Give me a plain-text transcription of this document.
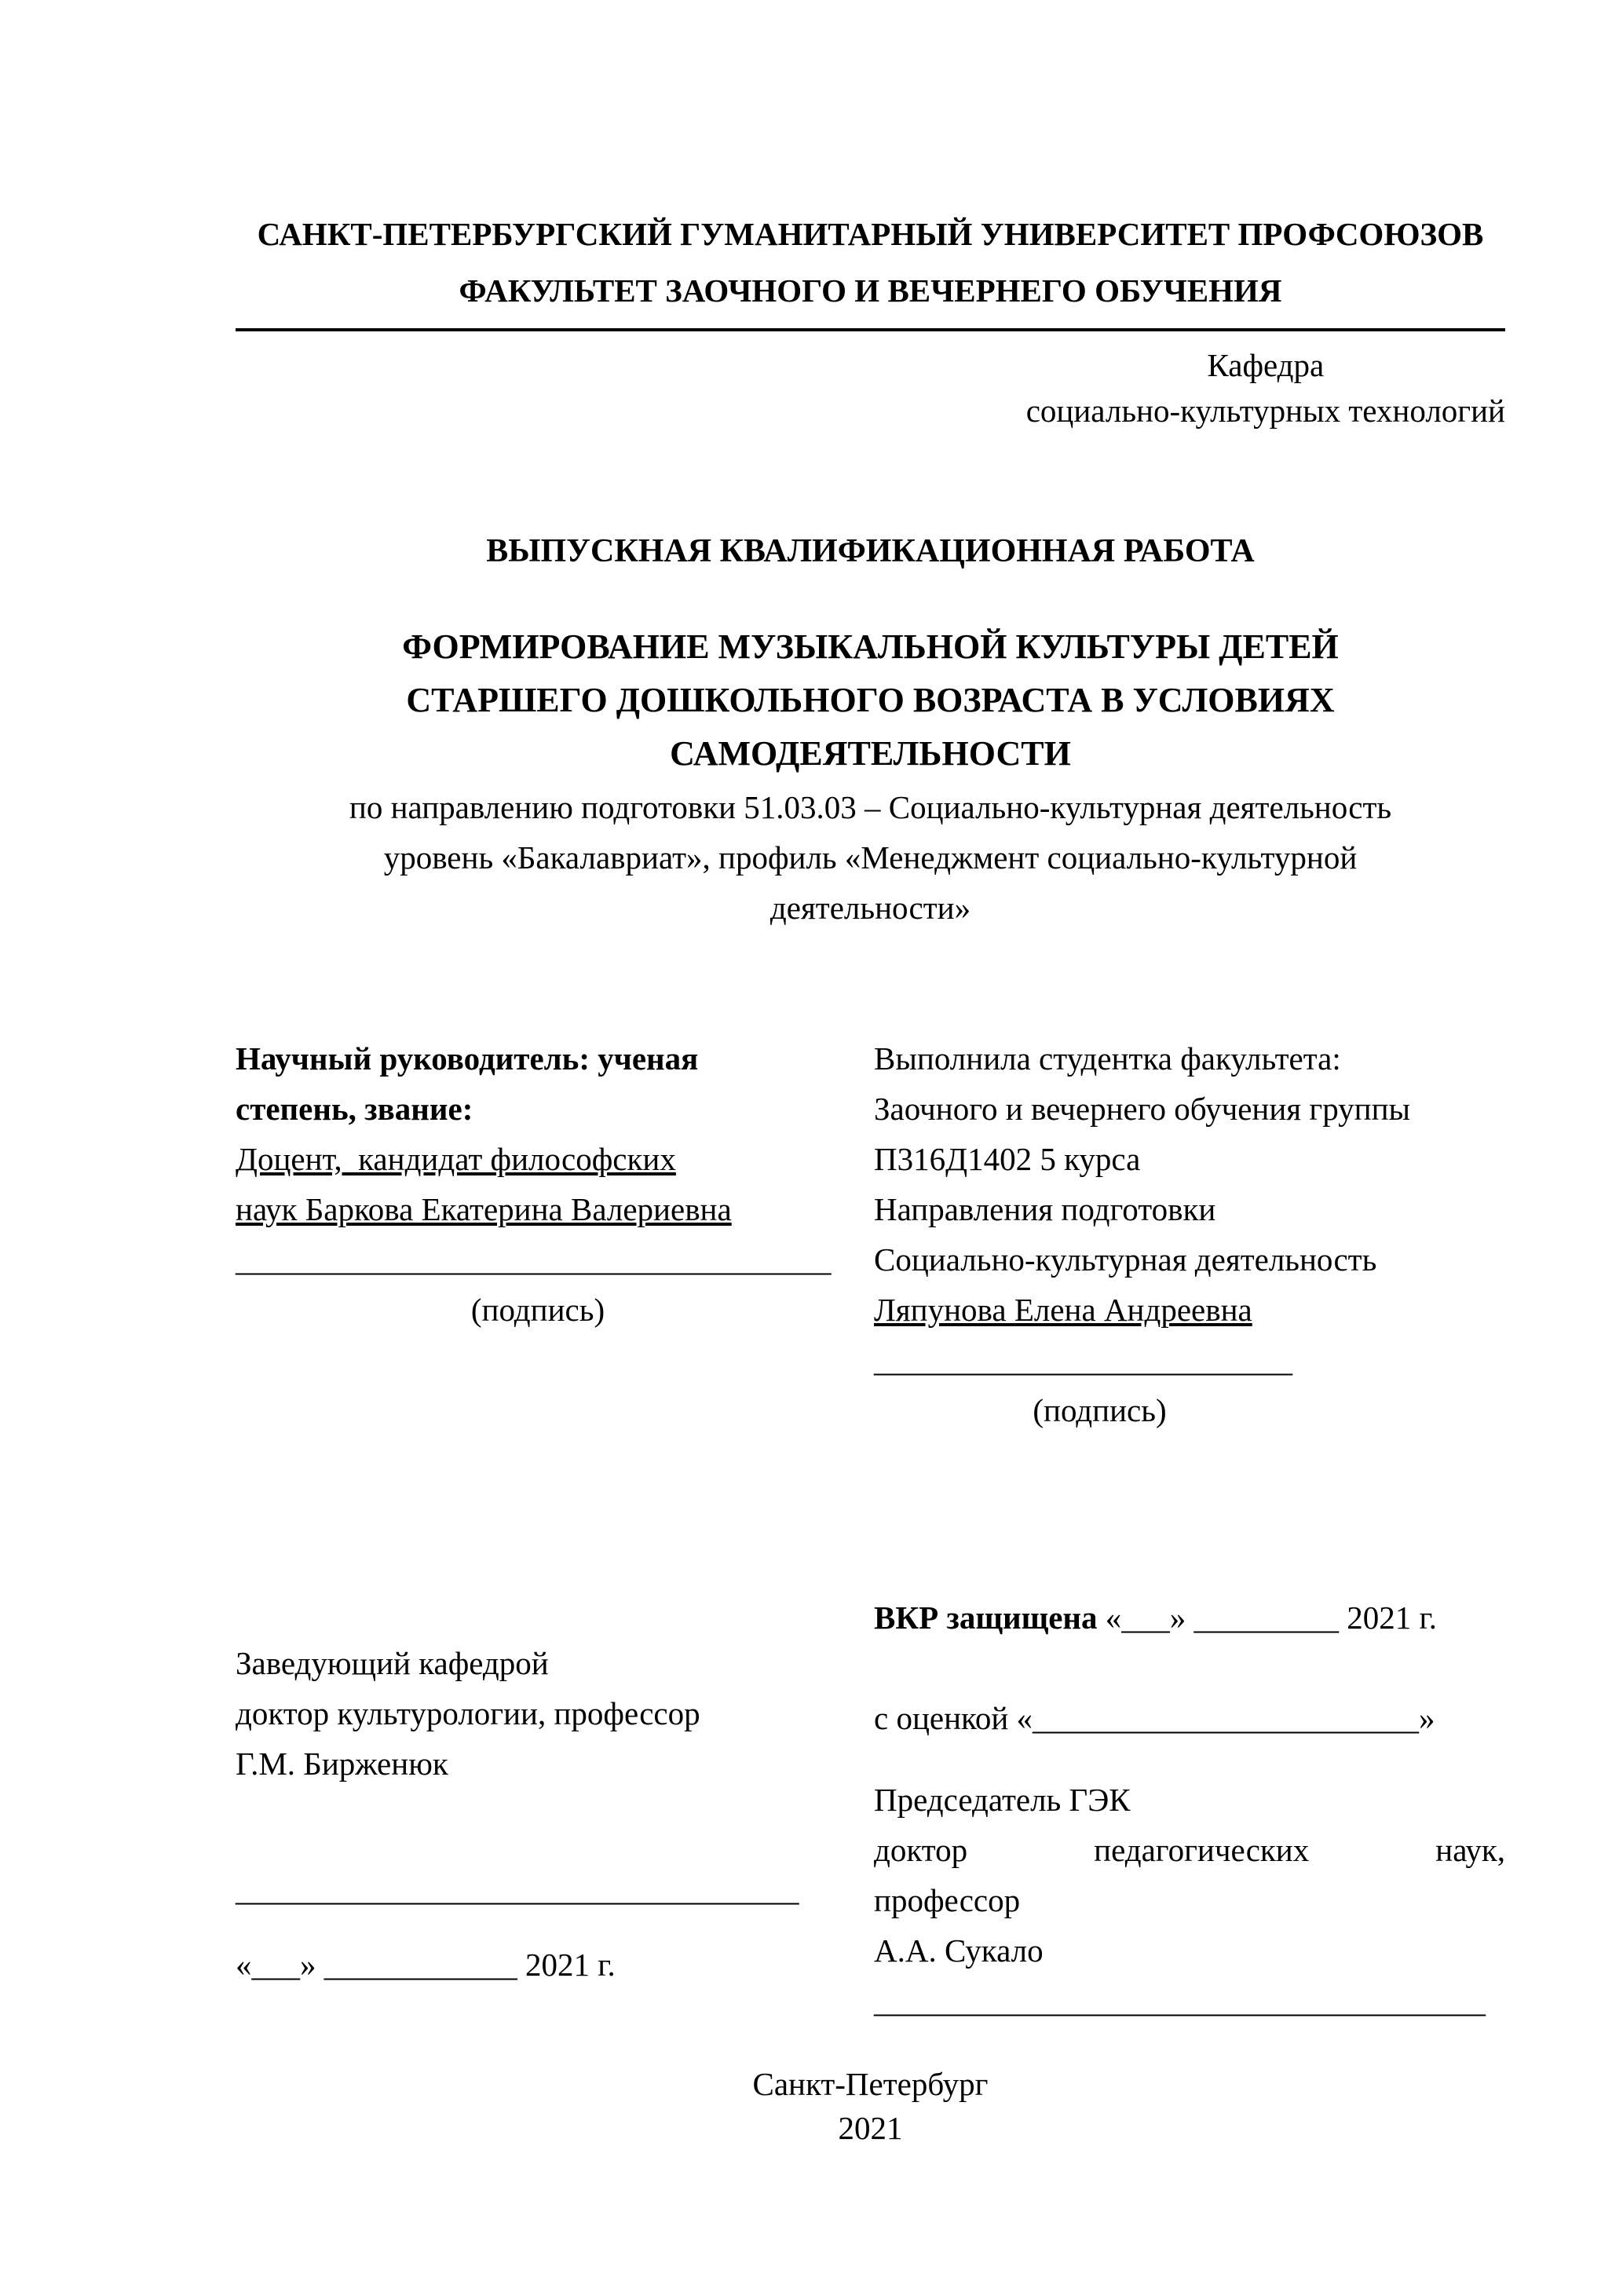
САНКТ-ПЕТЕРБУРГСКИЙ ГУМАНИТАРНЫЙ УНИВЕРСИТЕТ ПРОФСОЮЗОВ
ФАКУЛЬТЕТ ЗАОЧНОГО И ВЕЧЕРНЕГО ОБУЧЕНИЯ
Кафедра
социально-культурных технологий
ВЫПУСКНАЯ КВАЛИФИКАЦИОННАЯ РАБОТА
ФОРМИРОВАНИЕ МУЗЫКАЛЬНОЙ КУЛЬТУРЫ ДЕТЕЙ
СТАРШЕГО ДОШКОЛЬНОГО ВОЗРАСТА В УСЛОВИЯХ
САМОДЕЯТЕЛЬНОСТИ
по направлению подготовки 51.03.03 – Социально-культурная деятельность
уровень «Бакалавриат», профиль «Менеджмент социально-культурной
деятельности»
Научный руководитель: ученая
степень, звание:
Доцент,  кандидат философских
наук Баркова Екатерина Валериевна
_____________________________________
(подпись)
Выполнила студентка факультета:
Заочного и вечернего обучения группы
П316Д1402 5 курса
Направления подготовки
Социально-культурная деятельность
Ляпунова Елена Андреевна
__________________________
(подпись)
Заведующий кафедрой
доктор культурологии, профессор
Г.М. Бирженюк
___________________________________
«___» ____________ 2021 г.
ВКР защищена «___» _________ 2021 г.
с оценкой «________________________»
Председатель ГЭК
доктор педагогических наук,
профессор
А.А. Сукало
______________________________________
Санкт-Петербург
2021
